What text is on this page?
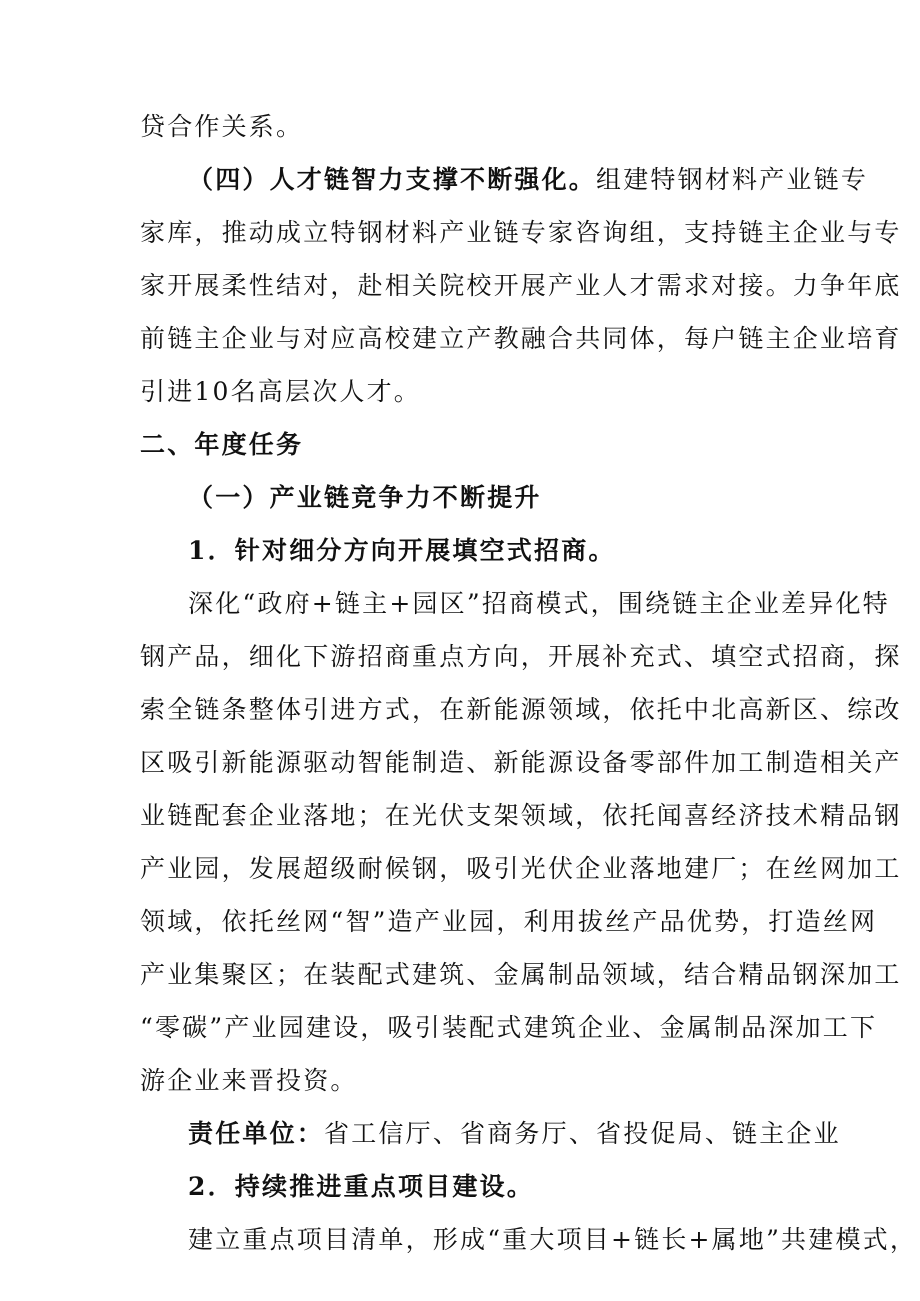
贷合作关系。
（四）人才链智力支撑不断强化。组建特钢材料产业链专
家库，推动成立特钢材料产业链专家咨询组，支持链主企业与专
家开展柔性结对，赴相关院校开展产业人才需求对接。力争年底
前链主企业与对应高校建立产教融合共同体，每户链主企业培育
引进10名高层次人才。
二、年度任务
（一）产业链竞争力不断提升
1．针对细分方向开展填空式招商。
深化“政府+链主+园区”招商模式，围绕链主企业差异化特
钢产品，细化下游招商重点方向，开展补充式、填空式招商，探
索全链条整体引进方式，在新能源领域，依托中北高新区、综改
区吸引新能源驱动智能制造、新能源设备零部件加工制造相关产
业链配套企业落地；在光伏支架领域，依托闻喜经济技术精品钢
产业园，发展超级耐候钢，吸引光伏企业落地建厂；在丝网加工
领域，依托丝网“智”造产业园，利用拔丝产品优势，打造丝网
产业集聚区；在装配式建筑、金属制品领域，结合精品钢深加工
“零碳”产业园建设，吸引装配式建筑企业、金属制品深加工下
游企业来晋投资。
责任单位：省工信厅、省商务厅、省投促局、链主企业
2．持续推进重点项目建设。
建立重点项目清单，形成“重大项目+链长+属地”共建模式，
